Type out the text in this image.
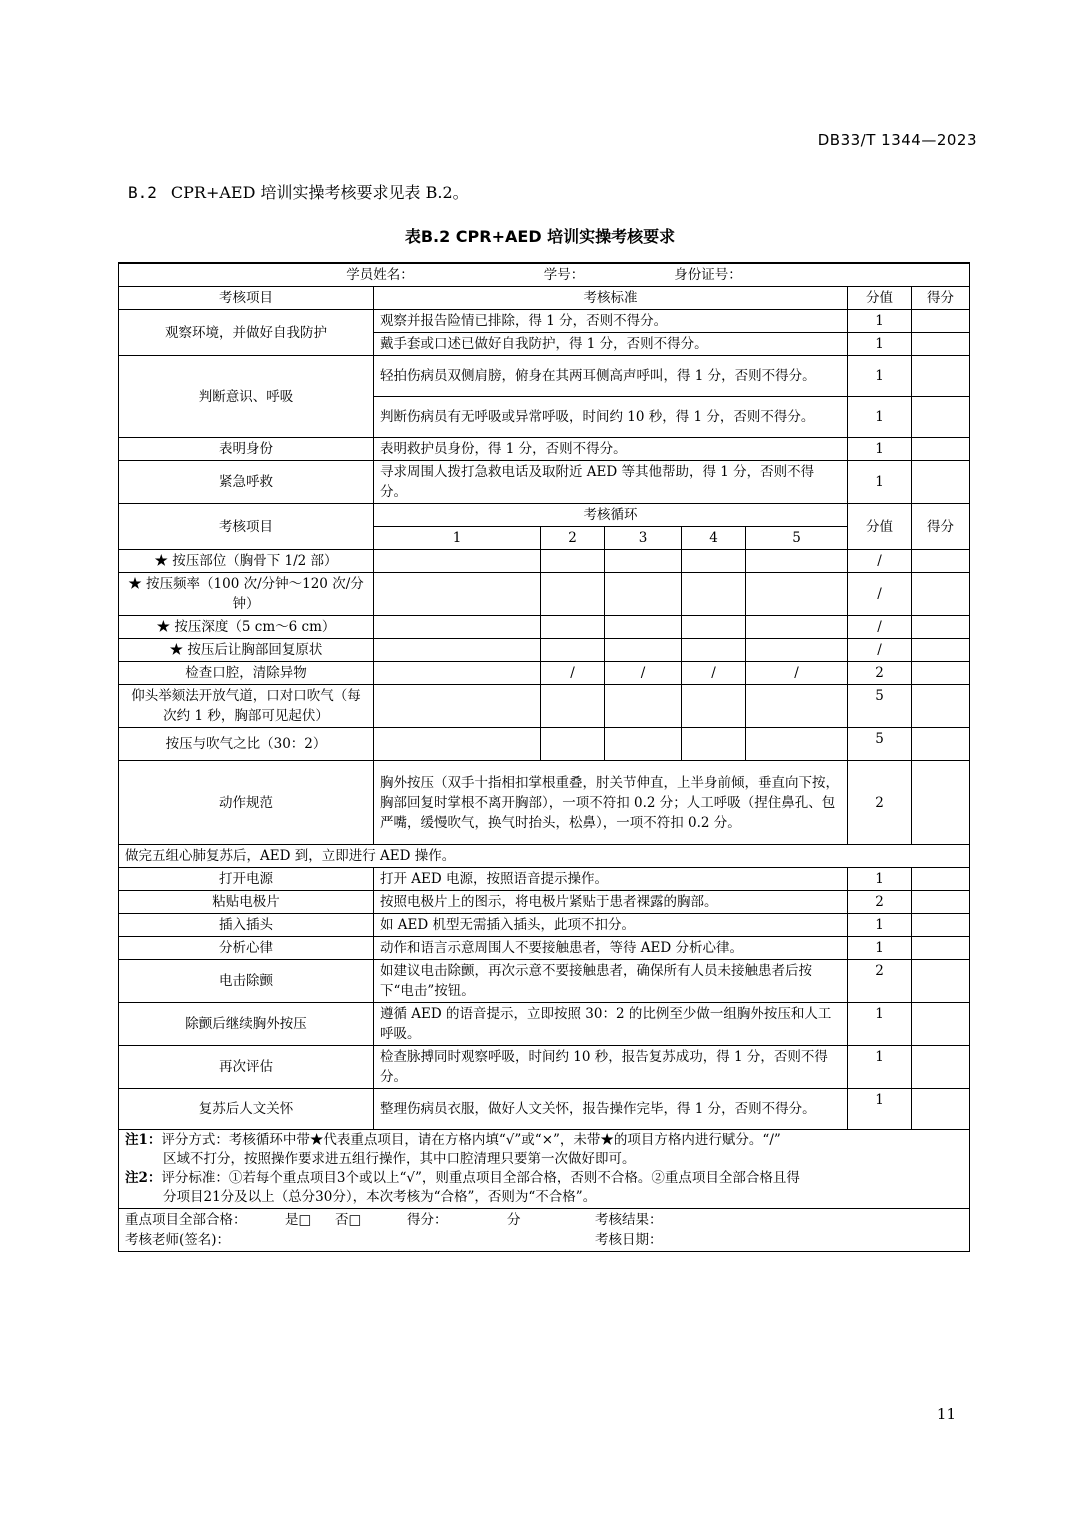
DB33/T 1344—2023
B.2 CPR+AED 培训实操考核要求见表 B.2。
表B.2 CPR+AED 培训实操考核要求
学员姓名： 学号： 身份证号：							
考核项目	考核标准					分值	得分
观察环境，并做好自我防护	观察并报告险情已排除，得 1 分，否则不得分。					1	
	戴手套或口述已做好自我防护，得 1 分，否则不得分。					1	
判断意识、呼吸	轻拍伤病员双侧肩膀，俯身在其两耳侧高声呼叫，得 1 分，否则不得分。					1	
	判断伤病员有无呼吸或异常呼吸，时间约 10 秒，得 1 分，否则不得分。					1	
表明身份	表明救护员身份，得 1 分，否则不得分。					1	
紧急呼救	寻求周围人拨打急救电话及取附近 AED 等其他帮助，得 1 分，否则不得分。					1	
考核项目	考核循环					分值	得分
	1	2	3	4	5		
★ 按压部位（胸骨下 1/2 部）						/	
★ 按压频率（100 次/分钟～120 次/分钟）						/	
★ 按压深度（5 cm～6 cm）						/	
★ 按压后让胸部回复原状						/	
检查口腔，清除异物		/	/	/	/	2	
仰头举颏法开放气道，口对口吹气（每次约 1 秒，胸部可见起伏）						5	
按压与吹气之比（30：2）						5	
动作规范	胸外按压（双手十指相扣掌根重叠，肘关节伸直，上半身前倾，垂直向下按，胸部回复时掌根不离开胸部），一项不符扣 0.2 分；人工呼吸（捏住鼻孔、包严嘴，缓慢吹气，换气时抬头，松鼻），一项不符扣 0.2 分。					2	
做完五组心肺复苏后，AED 到，立即进行 AED 操作。							
打开电源	打开 AED 电源，按照语音提示操作。					1	
粘贴电极片	按照电极片上的图示，将电极片紧贴于患者裸露的胸部。					2	
插入插头	如 AED 机型无需插入插头，此项不扣分。					1	
分析心律	动作和语言示意周围人不要接触患者，等待 AED 分析心律。					1	
电击除颤	如建议电击除颤，再次示意不要接触患者，确保所有人员未接触患者后按下“电击”按钮。					2	
除颤后继续胸外按压	遵循 AED 的语音提示，立即按照 30：2 的比例至少做一组胸外按压和人工呼吸。					1	
再次评估	检查脉搏同时观察呼吸，时间约 10 秒，报告复苏成功，得 1 分，否则不得分。					1	
复苏后人文关怀	整理伤病员衣服，做好人文关怀，报告操作完毕，得 1 分，否则不得分。					1	

注1：评分方式：考核循环中带★代表重点项目，请在方格内填“√”或“×”，未带★的项目方格内进行赋分。“/”
区域不打分，按照操作要求进五组行操作，其中口腔清理只要第一次做好即可。
注2：评分标准：①若每个重点项目3个或以上“√”，则重点项目全部合格，否则不合格。②重点项目全部合格且得
分项目21分及以上（总分30分），本次考核为“合格”，否则为“不合格”。							

重点项目全部合格： 是□ 否□ 得分： 分 考核结果：
考核老师(签名)： 考核日期：							
11
